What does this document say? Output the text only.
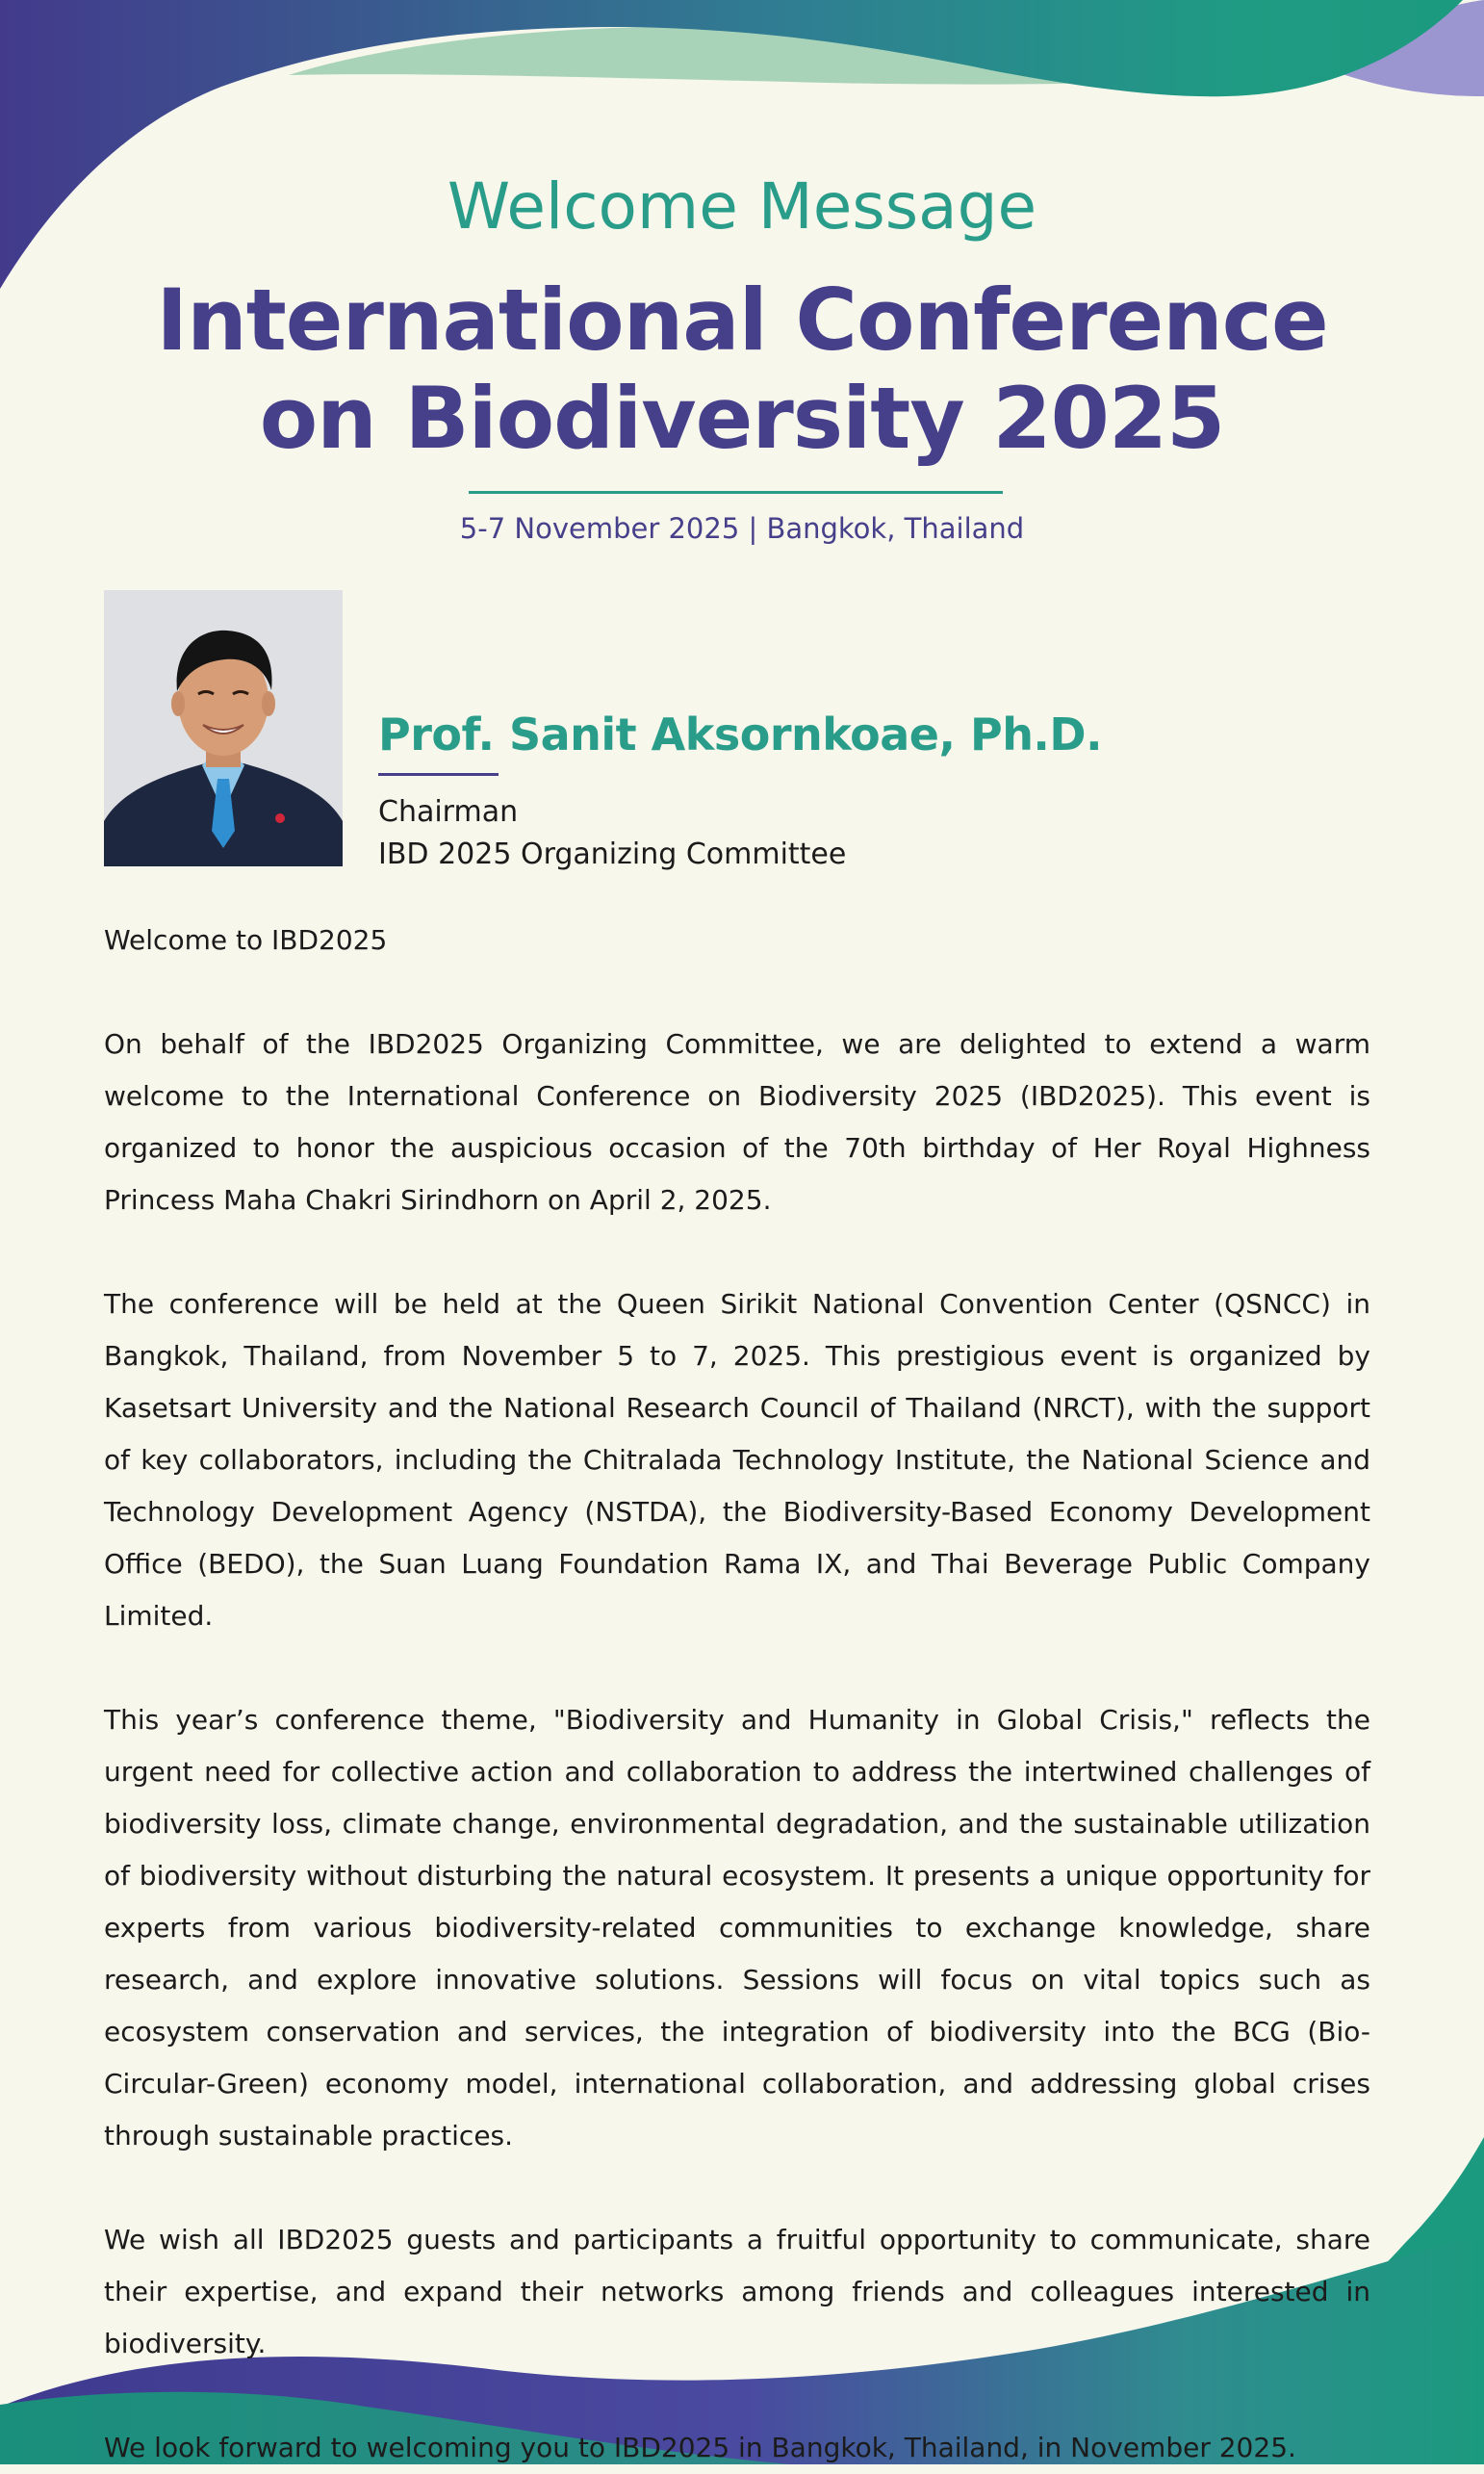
Welcome Message
International Conference
on Biodiversity 2025
5-7 November 2025 | Bangkok, Thailand
Prof. Sanit Aksornkoae, Ph.D.
Chairman
IBD 2025 Organizing Committee

Welcome to IBD2025

On behalf of the IBD2025 Organizing Committee, we are delighted to extend a warm welcome to the International Conference on Biodiversity 2025 (IBD2025). This event is organized to honor the auspicious occasion of the 70th birthday of Her Royal Highness Princess Maha Chakri Sirindhorn on April 2, 2025.

The conference will be held at the Queen Sirikit National Convention Center (QSNCC) in Bangkok, Thailand, from November 5 to 7, 2025. This prestigious event is organized by Kasetsart University and the National Research Council of Thailand (NRCT), with the support of key collaborators, including the Chitralada Technology Institute, the National Science and Technology Development Agency (NSTDA), the Biodiversity-Based Economy Development Office (BEDO), the Suan Luang Foundation Rama IX, and Thai Beverage Public Company Limited.

This year’s conference theme, "Biodiversity and Humanity in Global Crisis," reflects the urgent need for collective action and collaboration to address the intertwined challenges of biodiversity loss, climate change, environmental degradation, and the sustainable utilization of biodiversity without disturbing the natural ecosystem. It presents a unique opportunity for experts from various biodiversity-related communities to exchange knowledge, share research, and explore innovative solutions. Sessions will focus on vital topics such as ecosystem conservation and services, the integration of biodiversity into the BCG (Bio-Circular-Green) economy model, international collaboration, and addressing global crises through sustainable practices.

We wish all IBD2025 guests and participants a fruitful opportunity to communicate, share their expertise, and expand their networks among friends and colleagues interested in biodiversity.

We look forward to welcoming you to IBD2025 in Bangkok, Thailand, in November 2025.
